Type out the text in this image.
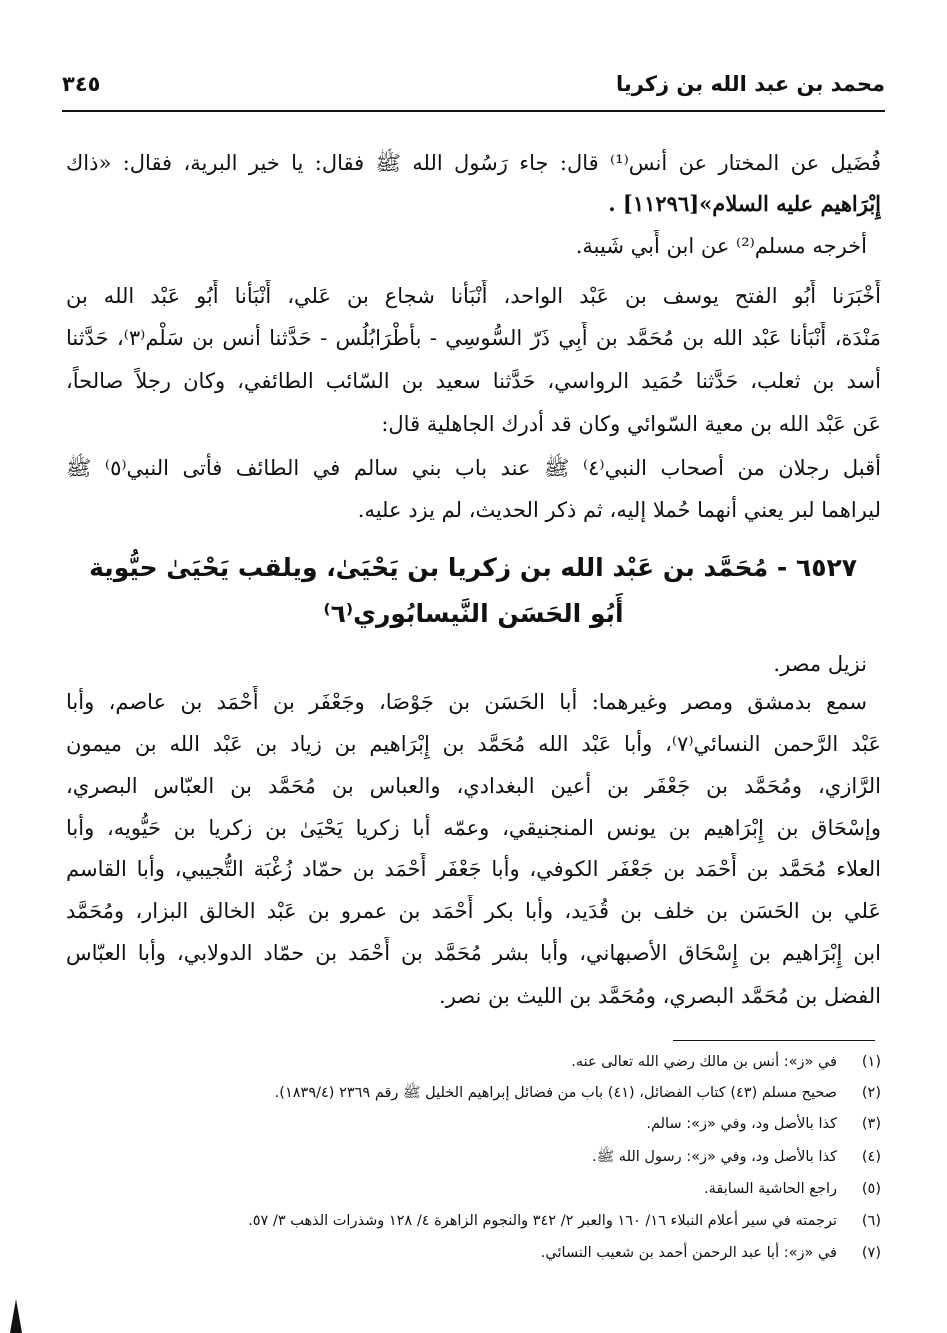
محمد بن عبد الله بن زكريا
٣٤٥
فُضَيل عن المختار عن أنس⁽¹⁾ قال: جاء رَسُول الله ﷺ فقال: يا خير البرية، فقال: «ذاك
إِبْرَاهيم عليه السلام»[١١٢٩٦] .
أخرجه مسلم⁽²⁾ عن ابن أَبي شَيبة.
أَخْبَرَنا أَبُو الفتح يوسف بن عَبْد الواحد، أَنْبَأنا شجاع بن عَلي، أَنْبَأنا أَبُو عَبْد الله بن
مَنْدَة، أَنْبَأنا عَبْد الله بن مُحَمَّد بن أَبِي ذَرّ السُّوسِي - بأَطْرَابُلُس - حَدَّثنا أنس بن سَلْم⁽٣⁾، حَدَّثنا
أسد بن ثعلب، حَدَّثنا حُمَيد الرواسي، حَدَّثنا سعيد بن السّائب الطائفي، وكان رجلاً صالحاً،
عَن عَبْد الله بن معية السّوائي وكان قد أدرك الجاهلية قال:
أقبل رجلان من أصحاب النبي⁽٤⁾ ﷺ عند باب بني سالم في الطائف فأتى النبي⁽٥⁾ ﷺ
ليراهما لبر يعني أنهما حُملا إليه، ثم ذكر الحديث، لم يزد عليه.
٦٥٢٧ - مُحَمَّد بن عَبْد الله بن زكريا بن يَحْيَىٰ، ويلقب يَحْيَىٰ حيُّوية
أَبُو الحَسَن النَّيسابُوري⁽٦⁾
نزيل مصر.
سمع بدمشق ومصر وغيرهما: أبا الحَسَن بن جَوْصَا، وجَعْفَر بن أَحْمَد بن عاصم، وأبا
عَبْد الرَّحمن النسائي⁽٧⁾، وأبا عَبْد الله مُحَمَّد بن إِبْرَاهيم بن زياد بن عَبْد الله بن ميمون
الرَّازي، ومُحَمَّد بن جَعْفَر بن أعين البغدادي، والعباس بن مُحَمَّد بن العبّاس البصري،
وإسْحَاق بن إِبْرَاهيم بن يونس المنجنيقي، وعمّه أبا زكريا يَحْيَىٰ بن زكريا بن حَيُّويه، وأبا
العلاء مُحَمَّد بن أَحْمَد بن جَعْفَر الكوفي، وأبا جَعْفَر أَحْمَد بن حمّاد زُغْبَة التُّجيبي، وأبا القاسم
عَلي بن الحَسَن بن خلف بن قُدَيد، وأبا بكر أَحْمَد بن عمرو بن عَبْد الخالق البزار، ومُحَمَّد
ابن إِبْرَاهيم بن إِسْحَاق الأصبهاني، وأبا بشر مُحَمَّد بن أَحْمَد بن حمّاد الدولابي، وأبا العبّاس
الفضل بن مُحَمَّد البصري، ومُحَمَّد بن الليث بن نصر.
(١)في «ز»: أنس بن مالك رضي الله تعالى عنه.
(٢)صحيح مسلم (٤٣) كتاب الفضائل، (٤١) باب من فضائل إبراهيم الخليل ﷺ رقم ٢٣٦٩ (١٨٣٩/٤).
(٣)كذا بالأصل ود، وفي «ز»: سالم.
(٤)كذا بالأصل ود، وفي «ز»: رسول الله ﷺ.
(٥)راجع الحاشية السابقة.
(٦)ترجمته في سير أعلام النبلاء ١٦/ ١٦٠ والعبر ٢/ ٣٤٢ والنجوم الزاهرة ٤/ ١٢٨ وشذرات الذهب ٣/ ٥٧.
(٧)في «ز»: أبا عبد الرحمن أحمد بن شعيب النسائي.
